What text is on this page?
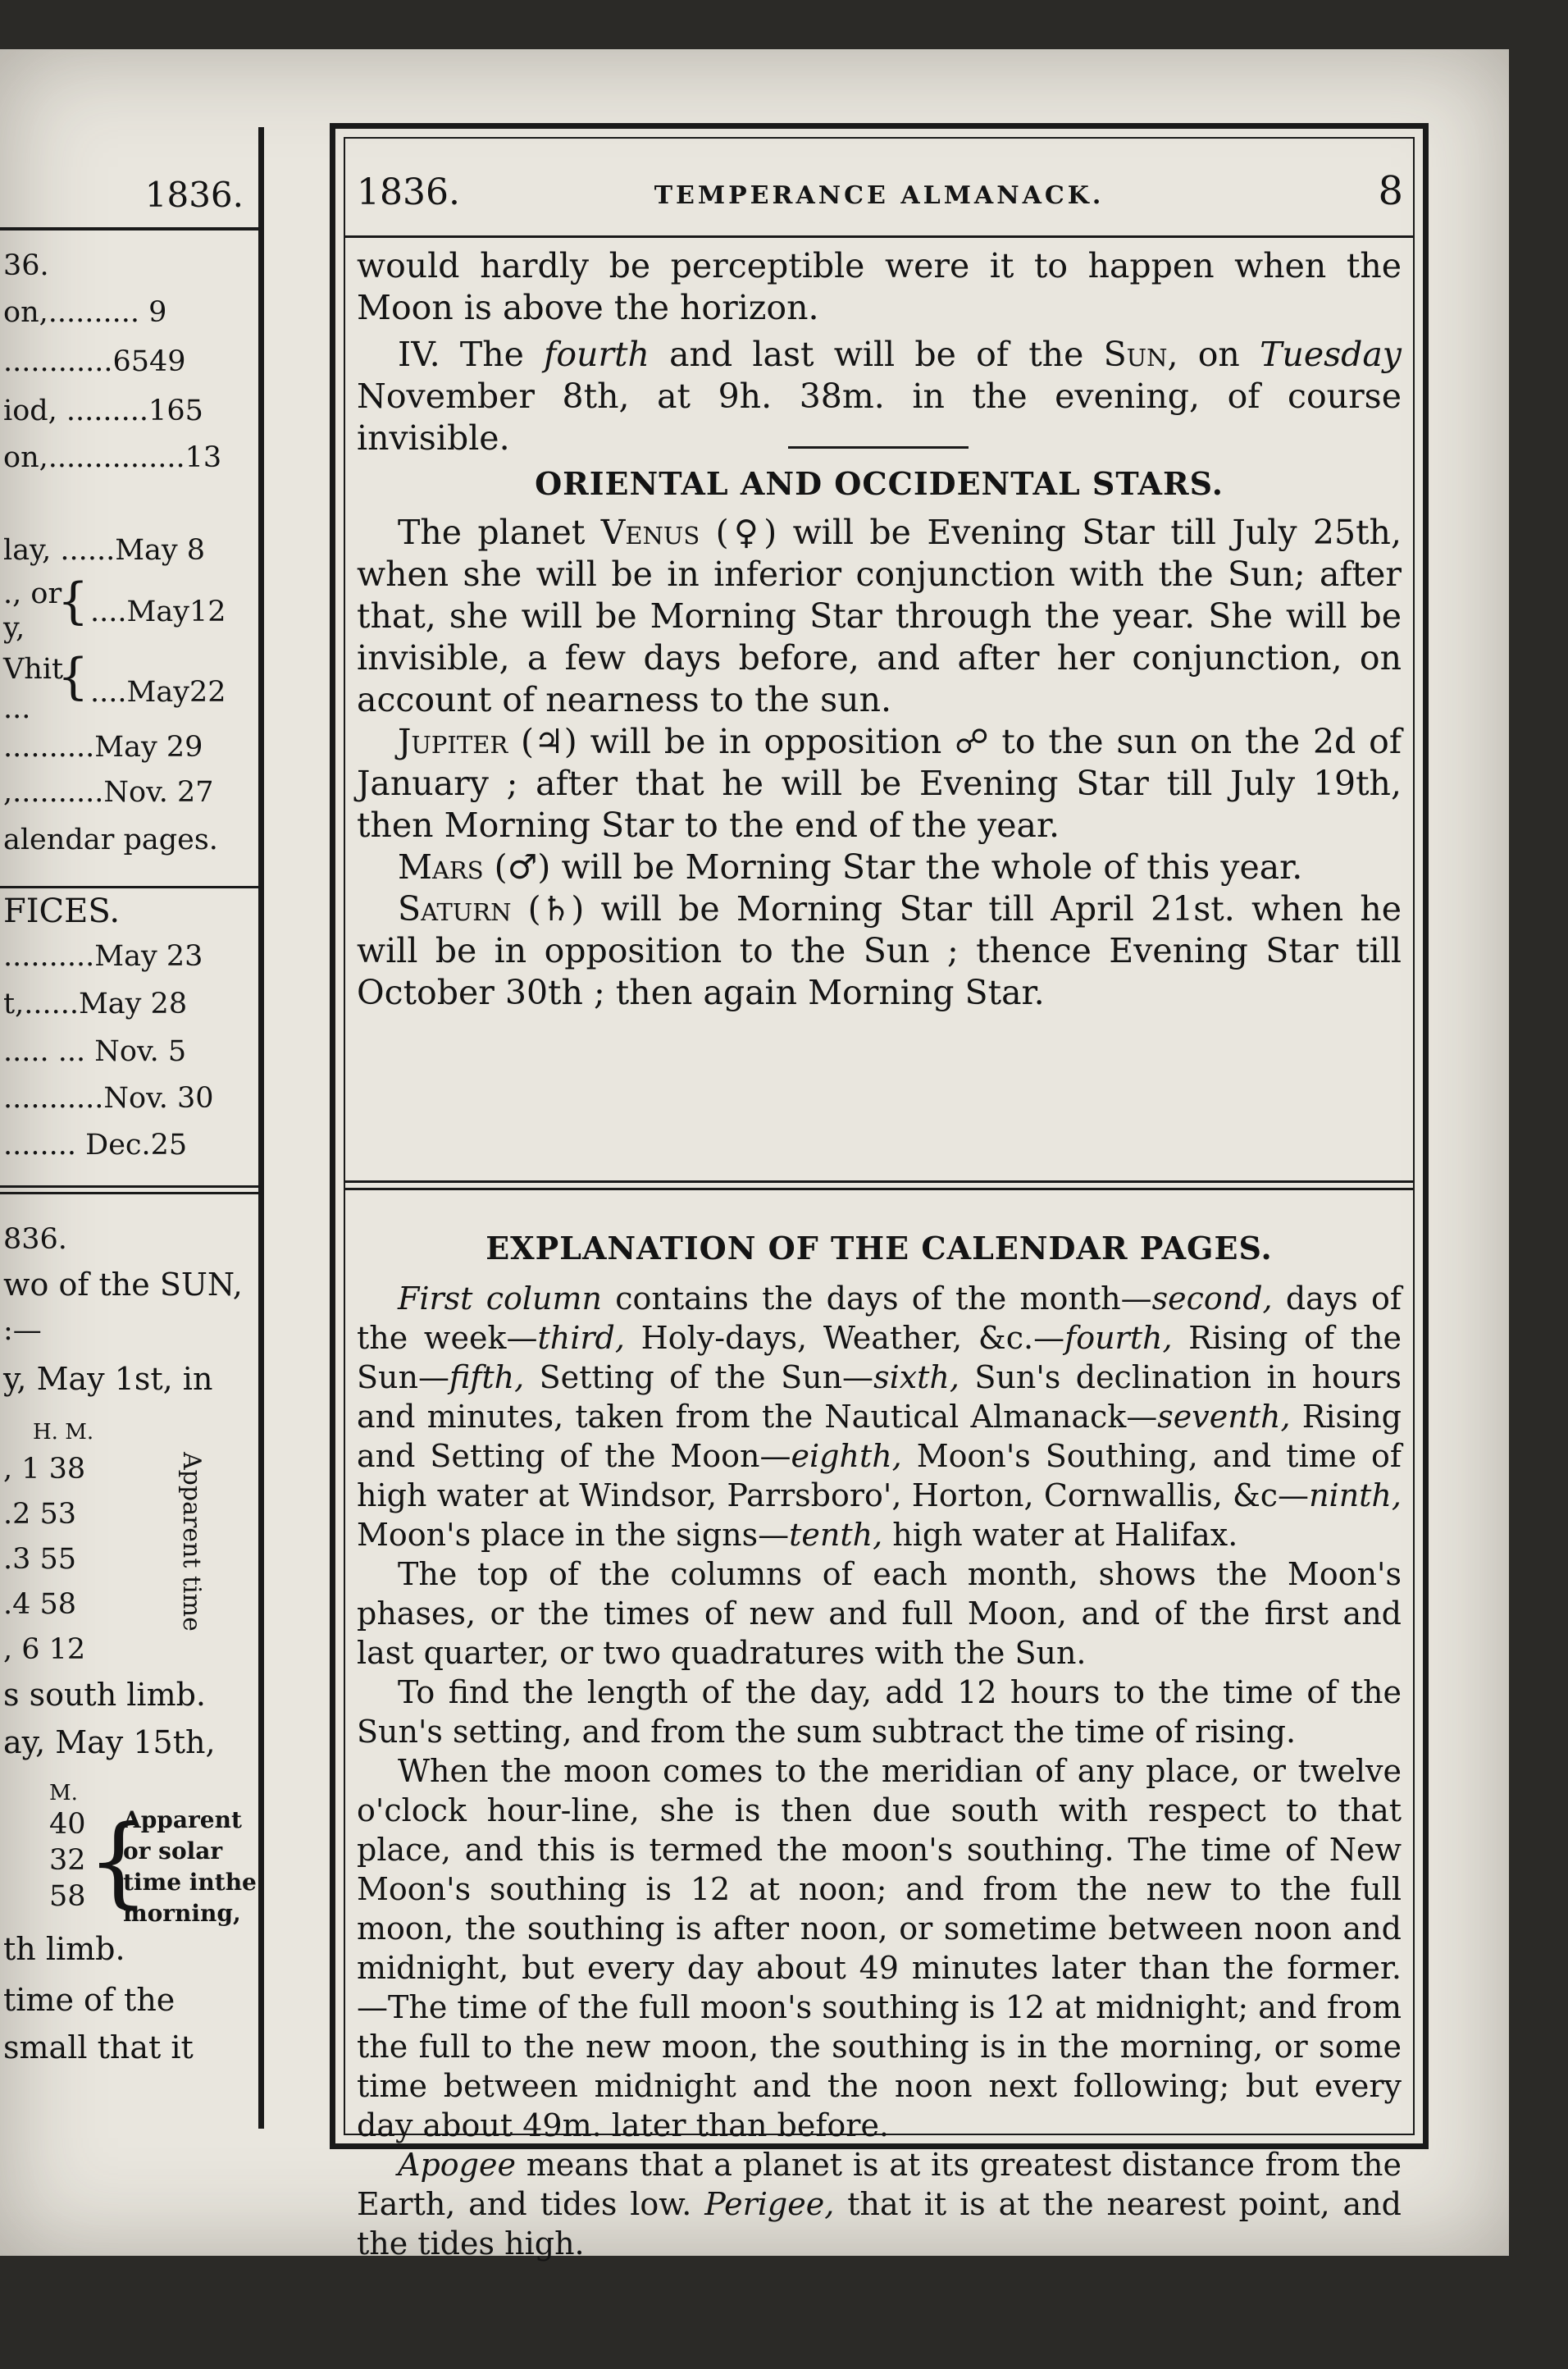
1836.
36.
on,.......... 9
............6549
iod, .........165
on,...............13
lay, ......May 8
., or
y, ....May12
Vhit
... ....May22
{
{
..........May 29
,..........Nov. 27
alendar pages.
FICES.
..........May 23
t,......May 28
..... ... Nov. 5
...........Nov. 30
........ Dec.25
836.
wo of the SUN,
:—
y, May 1st, in
H. M.
, 1 38
.2 53
.3 55
.4 58
, 6 12
Apparent time
s south limb.
ay, May 15th,
M.
40
32
58 {
Apparent
or solar
time inthe
morning,
th limb.
time of the
small that it
1836.	TEMPERANCE ALMANACK.	8

would hardly be perceptible were it to happen when the Moon is above the horizon.

IV. The fourth and last will be of the Sun, on Tuesday November 8th, at 9h. 38m. in the evening, of course invisible.

ORIENTAL AND OCCIDENTAL STARS.

The planet Venus (♀) will be Evening Star till July 25th, when she will be in inferior conjunction with the Sun; after that, she will be Morning Star through the year. She will be invisible, a few days before, and after her conjunction, on account of nearness to the sun.

Jupiter (♃) will be in opposition ☍ to the sun on the 2d of January ; after that he will be Evening Star till July 19th, then Morning Star to the end of the year.

Mars (♂) will be Morning Star the whole of this year.

Saturn (♄) will be Morning Star till April 21st. when he will be in opposition to the Sun ; thence Evening Star till October 30th ; then again Morning Star.

EXPLANATION OF THE CALENDAR PAGES.

First column contains the days of the month—second, days of the week—third, Holy-days, Weather, &c.—fourth, Rising of the Sun—fifth, Setting of the Sun—sixth, Sun's declination in hours and minutes, taken from the Nautical Almanack—seventh, Rising and Setting of the Moon—eighth, Moon's Southing, and time of high water at Windsor, Parrsboro', Horton, Cornwallis, &c—ninth, Moon's place in the signs—tenth, high water at Halifax.

The top of the columns of each month, shows the Moon's phases, or the times of new and full Moon, and of the first and last quarter, or two quadratures with the Sun.

To find the length of the day, add 12 hours to the time of the Sun's setting, and from the sum subtract the time of rising.

When the moon comes to the meridian of any place, or twelve o'clock hour-line, she is then due south with respect to that place, and this is termed the moon's southing. The time of New Moon's southing is 12 at noon; and from the new to the full moon, the southing is after noon, or sometime between noon and midnight, but every day about 49 minutes later than the former.—The time of the full moon's southing is 12 at midnight; and from the full to the new moon, the southing is in the morning, or some time between midnight and the noon next following; but every day about 49m. later than before.

Apogee means that a planet is at its greatest distance from the Earth, and tides low. Perigee, that it is at the nearest point, and the tides high.
